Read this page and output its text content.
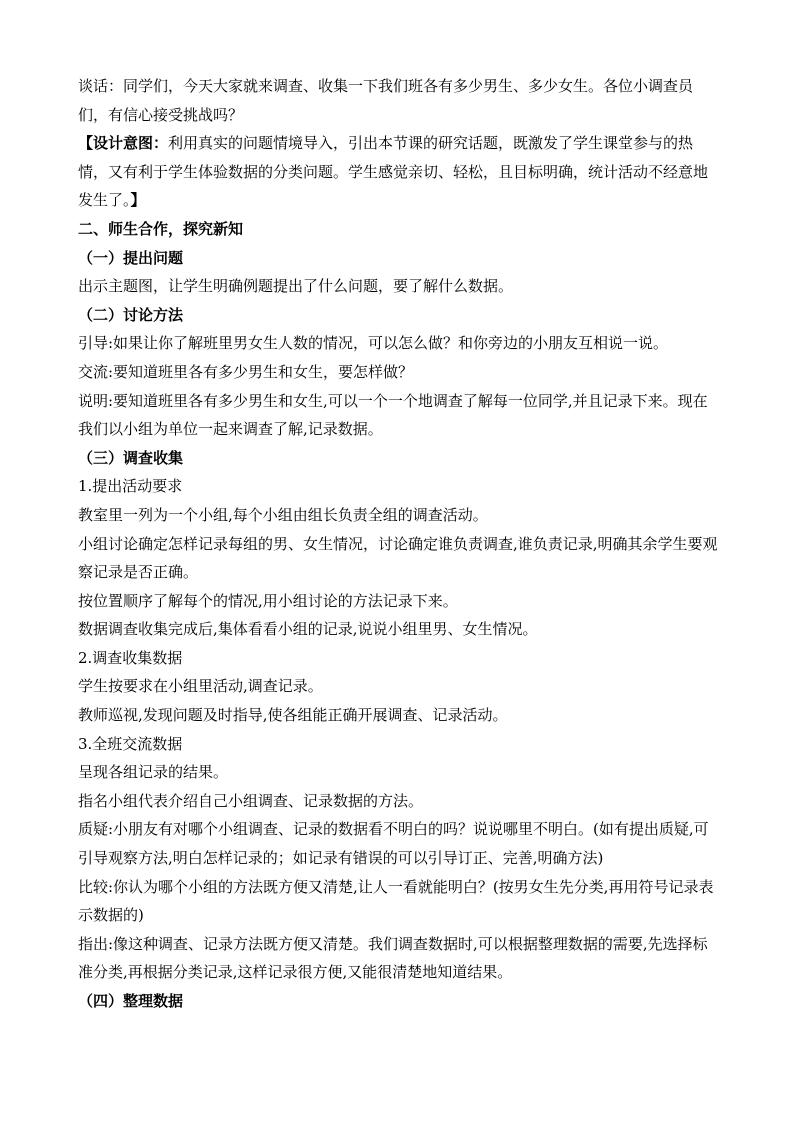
谈话：同学们，今天大家就来调查、收集一下我们班各有多少男生、多少女生。各位小调查员们，有信心接受挑战吗？

【设计意图：利用真实的问题情境导入，引出本节课的研究话题，既激发了学生课堂参与的热情，又有利于学生体验数据的分类问题。学生感觉亲切、轻松，且目标明确，统计活动不经意地发生了。】

二、师生合作，探究新知

（一）提出问题

出示主题图，让学生明确例题提出了什么问题，要了解什么数据。

（二）讨论方法

引导:如果让你了解班里男女生人数的情况，可以怎么做？和你旁边的小朋友互相说一说。

交流:要知道班里各有多少男生和女生，要怎样做？

说明:要知道班里各有多少男生和女生,可以一个一个地调查了解每一位同学,并且记录下来。现在我们以小组为单位一起来调查了解,记录数据。

（三）调查收集

1.提出活动要求

教室里一列为一个小组,每个小组由组长负责全组的调查活动。

小组讨论确定怎样记录每组的男、女生情况，讨论确定谁负责调查,谁负责记录,明确其余学生要观察记录是否正确。

按位置顺序了解每个的情况,用小组讨论的方法记录下来。

数据调查收集完成后,集体看看小组的记录,说说小组里男、女生情况。

2.调查收集数据

学生按要求在小组里活动,调查记录。

教师巡视,发现问题及时指导,使各组能正确开展调查、记录活动。

3.全班交流数据

呈现各组记录的结果。

指名小组代表介绍自己小组调查、记录数据的方法。

质疑:小朋友有对哪个小组调查、记录的数据看不明白的吗？说说哪里不明白。(如有提出质疑,可引导观察方法,明白怎样记录的；如记录有错误的可以引导订正、完善,明确方法)

比较:你认为哪个小组的方法既方便又清楚,让人一看就能明白？(按男女生先分类,再用符号记录表示数据的)

指出:像这种调查、记录方法既方便又清楚。我们调查数据时,可以根据整理数据的需要,先选择标准分类,再根据分类记录,这样记录很方便,又能很清楚地知道结果。

（四）整理数据
